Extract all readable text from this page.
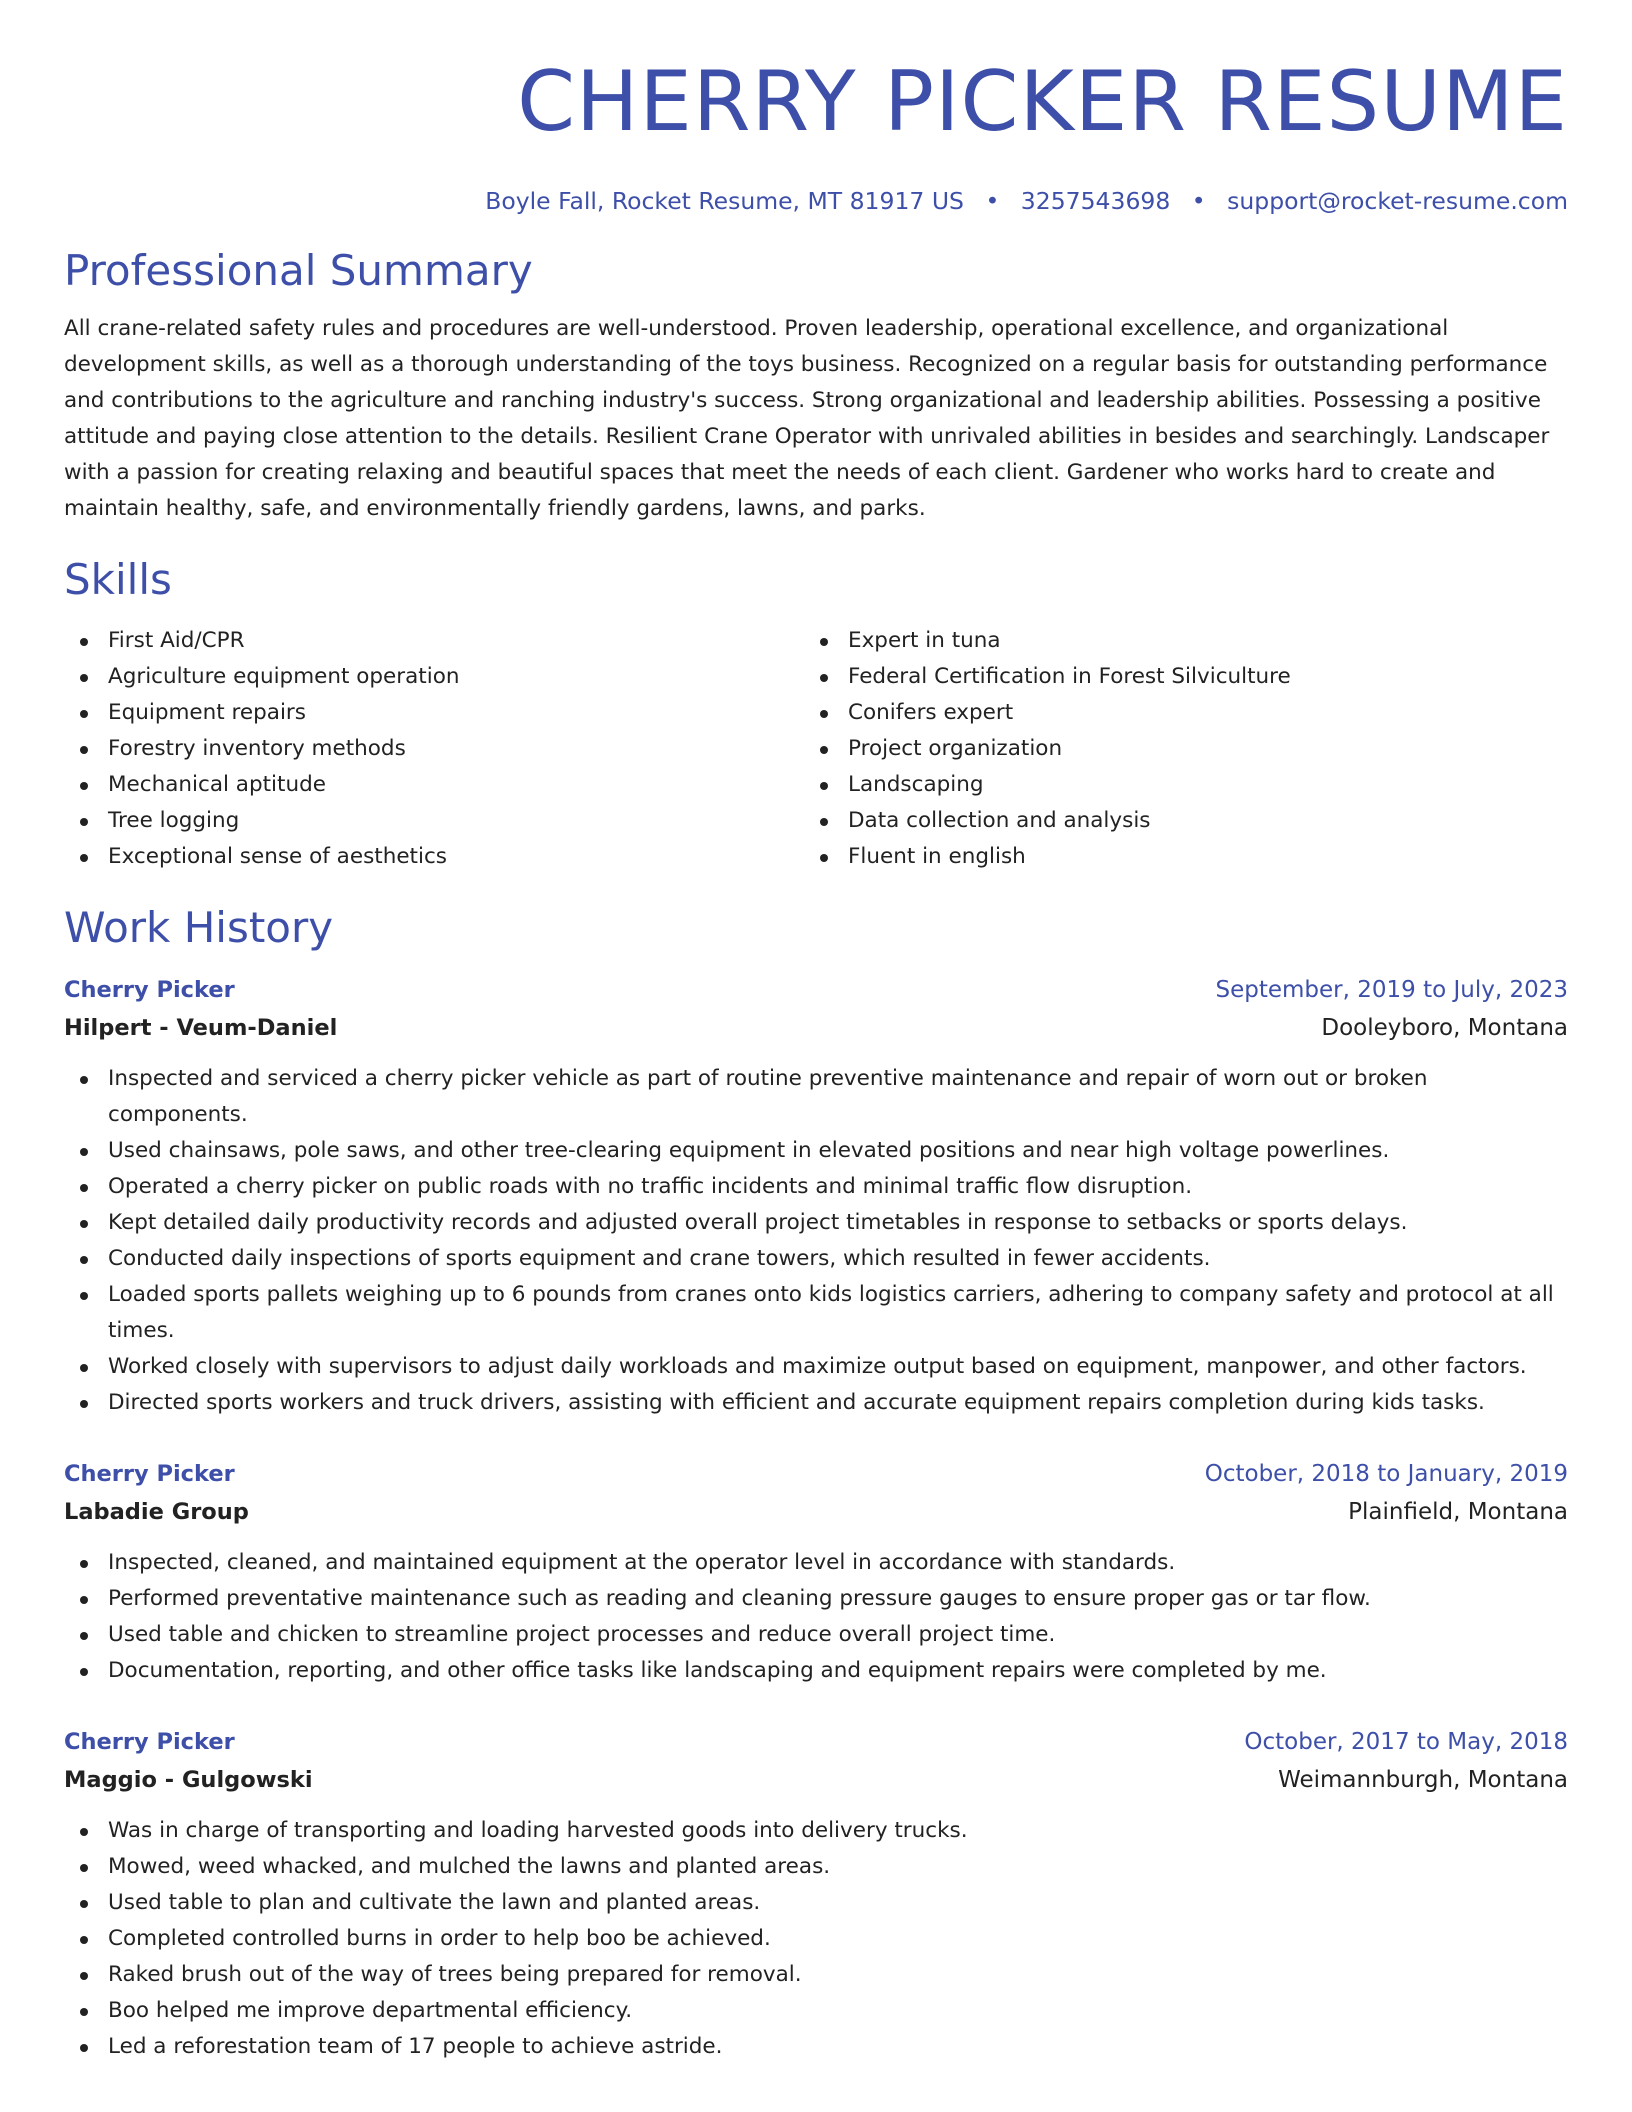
CHERRY PICKER RESUME
Boyle Fall, Rocket Resume, MT 81917 US • 3257543698 • support@rocket-resume.com
Professional Summary

All crane-related safety rules and procedures are well-understood. Proven leadership, operational excellence, and organizational development skills, as well as a thorough understanding of the toys business. Recognized on a regular basis for outstanding performance and contributions to the agriculture and ranching industry's success. Strong organizational and leadership abilities. Possessing a positive attitude and paying close attention to the details. Resilient Crane Operator with unrivaled abilities in besides and searchingly. Landscaper with a passion for creating relaxing and beautiful spaces that meet the needs of each client. Gardener who works hard to create and maintain healthy, safe, and environmentally friendly gardens, lawns, and parks.

Skills
First Aid/CPR
Agriculture equipment operation
Equipment repairs
Forestry inventory methods
Mechanical aptitude
Tree logging
Exceptional sense of aesthetics
Expert in tuna
Federal Certification in Forest Silviculture
Conifers expert
Project organization
Landscaping
Data collection and analysis
Fluent in english
Work History
Cherry Picker	September, 2019 to July, 2023
Hilpert - Veum-Daniel	Dooleyboro, Montana
Inspected and serviced a cherry picker vehicle as part of routine preventive maintenance and repair of worn out or broken components.
Used chainsaws, pole saws, and other tree-clearing equipment in elevated positions and near high voltage powerlines.
Operated a cherry picker on public roads with no traffic incidents and minimal traffic flow disruption.
Kept detailed daily productivity records and adjusted overall project timetables in response to setbacks or sports delays.
Conducted daily inspections of sports equipment and crane towers, which resulted in fewer accidents.
Loaded sports pallets weighing up to 6 pounds from cranes onto kids logistics carriers, adhering to company safety and protocol at all times.
Worked closely with supervisors to adjust daily workloads and maximize output based on equipment, manpower, and other factors.
Directed sports workers and truck drivers, assisting with efficient and accurate equipment repairs completion during kids tasks.
Cherry Picker	October, 2018 to January, 2019
Labadie Group	Plainfield, Montana
Inspected, cleaned, and maintained equipment at the operator level in accordance with standards.
Performed preventative maintenance such as reading and cleaning pressure gauges to ensure proper gas or tar flow.
Used table and chicken to streamline project processes and reduce overall project time.
Documentation, reporting, and other office tasks like landscaping and equipment repairs were completed by me.
Cherry Picker	October, 2017 to May, 2018
Maggio - Gulgowski	Weimannburgh, Montana
Was in charge of transporting and loading harvested goods into delivery trucks.
Mowed, weed whacked, and mulched the lawns and planted areas.
Used table to plan and cultivate the lawn and planted areas.
Completed controlled burns in order to help boo be achieved.
Raked brush out of the way of trees being prepared for removal.
Boo helped me improve departmental efficiency.
Led a reforestation team of 17 people to achieve astride.
